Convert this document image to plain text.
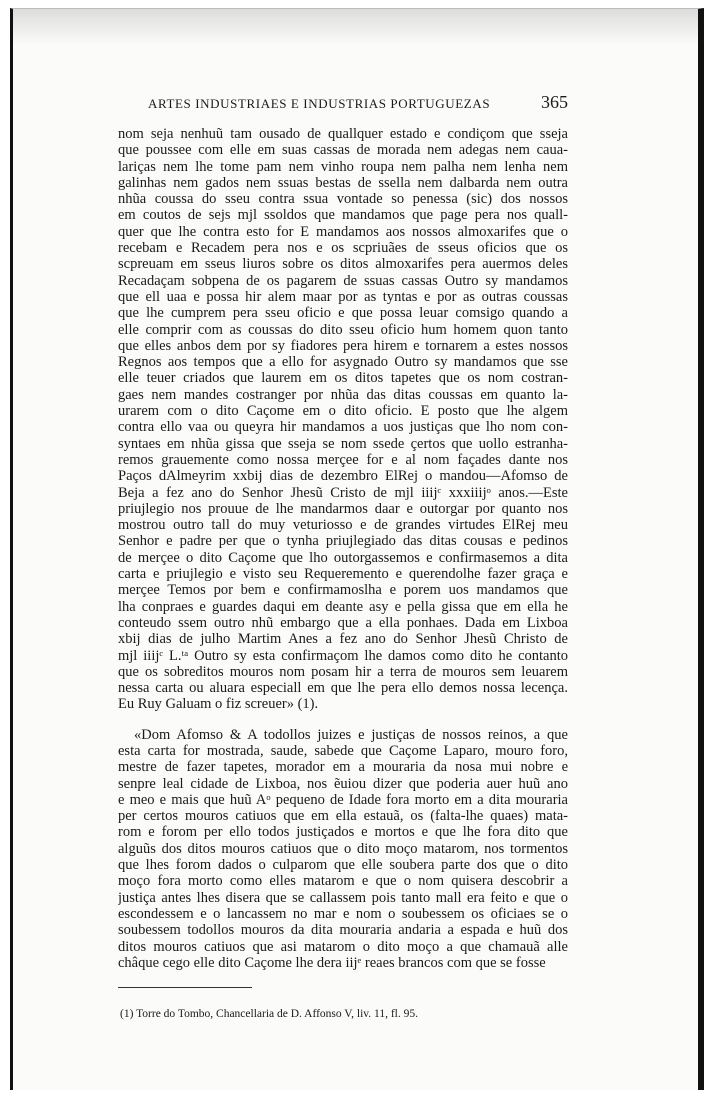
ARTES INDUSTRIAES E INDUSTRIAS PORTUGUEZAS	365
nom seja nenhuũ tam ousado de quallquer estado e condiçom que sseja
que poussee com elle em suas cassas de morada nem adegas nem caua-
lariças nem lhe tome pam nem vinho roupa nem palha nem lenha nem
galinhas nem gados nem ssuas bestas de ssella nem dalbarda nem outra
nhũa coussa do sseu contra ssua vontade so penessa (sic) dos nossos
em coutos de sejs mjl ssoldos que mandamos que page pera nos quall-
quer que lhe contra esto for E mandamos aos nossos almoxarifes que o
recebam e Recadem pera nos e os scpriuães de sseus oficios que os
scpreuam em sseus liuros sobre os ditos almoxarifes pera auermos deles
Recadaçam sobpena de os pagarem de ssuas cassas Outro sy mandamos
que ell uaa e possa hir alem maar por as tyntas e por as outras coussas
que lhe cumprem pera sseu oficio e que possa leuar comsigo quando a
elle comprir com as coussas do dito sseu oficio hum homem quon tanto
que elles anbos dem por sy fiadores pera hirem e tornarem a estes nossos
Regnos aos tempos que a ello for asygnado Outro sy mandamos que sse
elle teuer criados que laurem em os ditos tapetes que os nom costran-
gaes nem mandes costranger por nhũa das ditas coussas em quanto la-
urarem com o dito Caçome em o dito oficio. E posto que lhe algem
contra ello vaa ou queyra hir mandamos a uos justiças que lho nom con-
syntaes em nhũa gissa que sseja se nom ssede çertos que uollo estranha-
remos grauemente como nossa merçee for e al nom façades dante nos
Paços dAlmeyrim xxbij dias de dezembro ElRej o mandou—Afomso de
Beja a fez ano do Senhor Jhesũ Cristo de mjl iiijᶜ xxxiiijᵒ anos.—Este
priujlegio nos prouue de lhe mandarmos daar e outorgar por quanto nos
mostrou outro tall do muy veturiosso e de grandes virtudes ElRej meu
Senhor e padre per que o tynha priujlegiado das ditas cousas e pedinos
de merçee o dito Caçome que lho outorgassemos e confirmasemos a dita
carta e priujlegio e visto seu Requeremento e querendolhe fazer graça e
merçee Temos por bem e confirmamoslha e porem uos mandamos que
lha conpraes e guardes daqui em deante asy e pella gissa que em ella he
conteudo ssem outro nhũ embargo que a ella ponhaes. Dada em Lixboa
xbij dias de julho Martim Anes a fez ano do Senhor Jhesũ Christo de
mjl iiijᶜ L.ᵗᵃ Outro sy esta confirmaçom lhe damos como dito he contanto
que os sobreditos mouros nom posam hir a terra de mouros sem leuarem
nessa carta ou aluara especiall em que lhe pera ello demos nossa lecença.
Eu Ruy Galuam o fiz screuer» (1).
«Dom Afomso & A todollos juizes e justiças de nossos reinos, a que
esta carta for mostrada, saude, sabede que Caçome Laparo, mouro foro,
mestre de fazer tapetes, morador em a mouraria da nosa mui nobre e
senpre leal cidade de Lixboa, nos ẽuiou dizer que poderia auer huũ ano
e meo e mais que huũ Aᵒ pequeno de Idade fora morto em a dita mouraria
per certos mouros catiuos que em ella estauã, os (falta-lhe quaes) mata-
rom e forom per ello todos justiçados e mortos e que lhe fora dito que
alguũs dos ditos mouros catiuos que o dito moço matarom, nos tormentos
que lhes forom dados o culparom que elle soubera parte dos que o dito
moço fora morto como elles matarom e que o nom quisera descobrir a
justiça antes lhes disera que se callassem pois tanto mall era feito e que o
escondessem e o lancassem no mar e nom o soubessem os oficiaes se o
soubessem todollos mouros da dita mouraria andaria a espada e huũ dos
ditos mouros catiuos que asi matarom o dito moço a que chamauã alle
châque cego elle dito Caçome lhe dera iijᵉ reaes brancos com que se fosse
(1) Torre do Tombo, Chancellaria de D. Affonso V, liv. 11, fl. 95.
